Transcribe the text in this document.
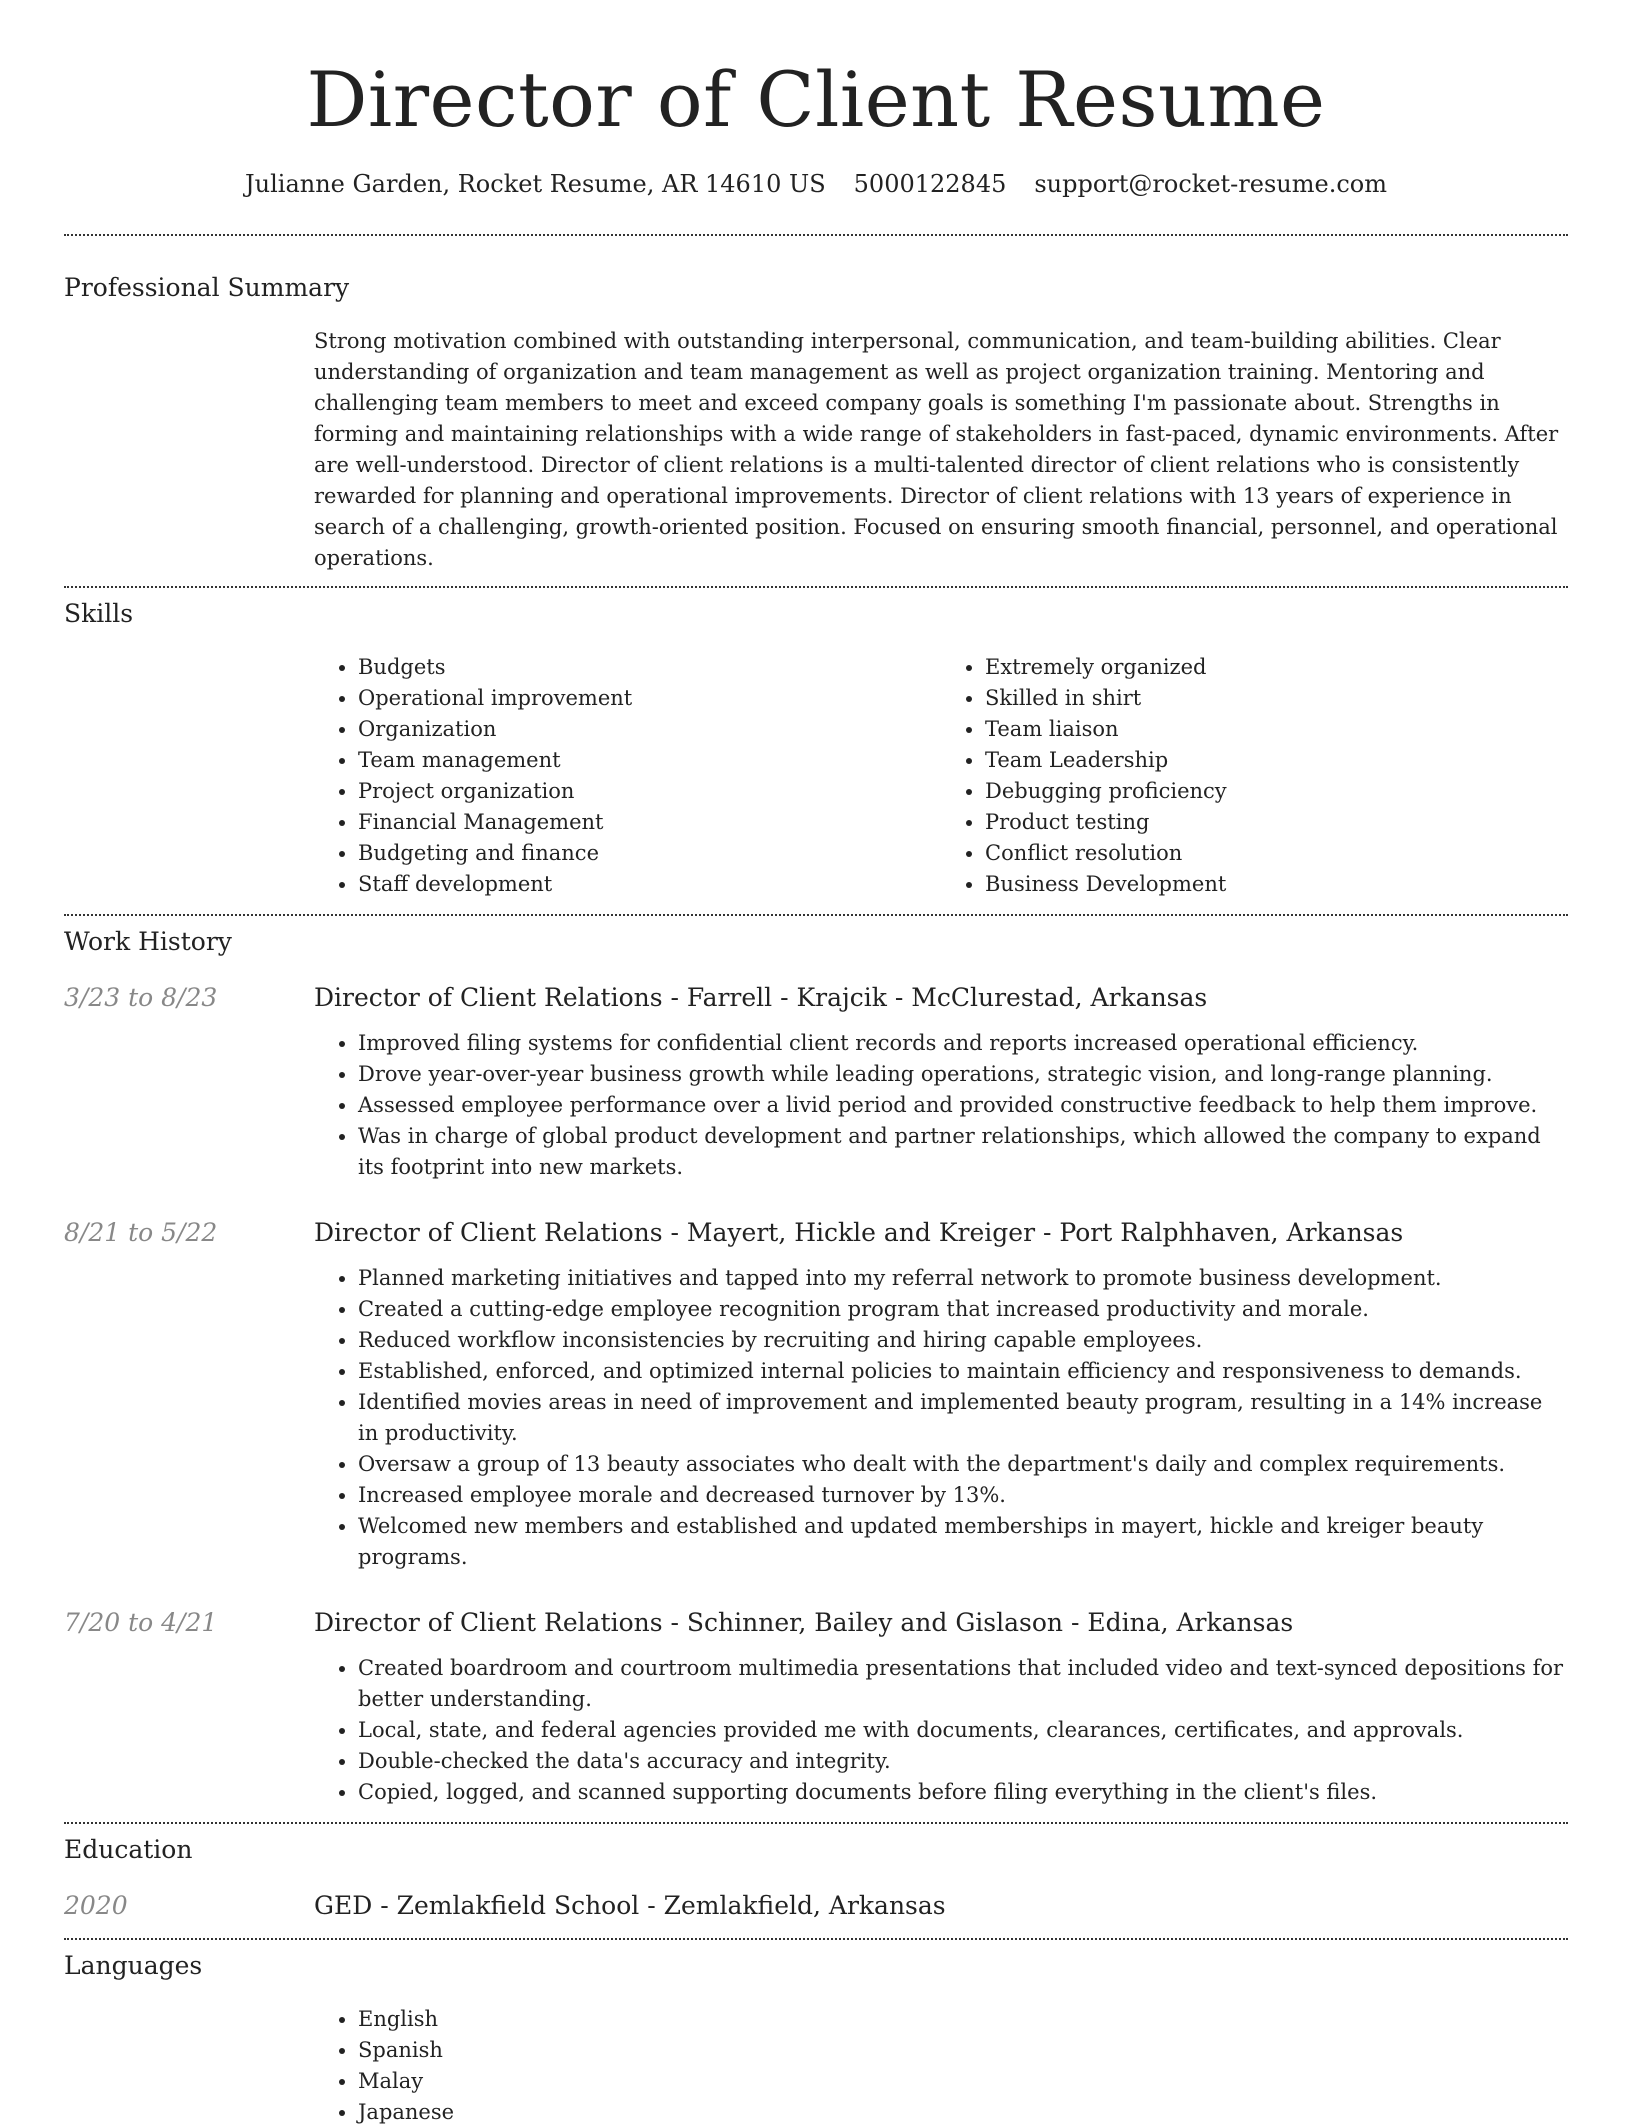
Director of Client Resume
Julianne Garden, Rocket Resume, AR 14610 US 5000122845 support@rocket-resume.com
Professional Summary

Strong motivation combined with outstanding interpersonal, communication, and team-building abilities. Clear understanding of organization and team management as well as project organization training. Mentoring and challenging team members to meet and exceed company goals is something I'm passionate about. Strengths in forming and maintaining relationships with a wide range of stakeholders in fast-paced, dynamic environments. After are well-understood. Director of client relations is a multi-talented director of client relations who is consistently rewarded for planning and operational improvements. Director of client relations with 13 years of experience in search of a challenging, growth-oriented position. Focused on ensuring smooth financial, personnel, and operational operations.

Skills
• Budgets
• Operational improvement
• Organization
• Team management
• Project organization
• Financial Management
• Budgeting and finance
• Staff development
• Extremely organized
• Skilled in shirt
• Team liaison
• Team Leadership
• Debugging proficiency
• Product testing
• Conflict resolution
• Business Development
Work History
3/23 to 8/23	Director of Client Relations - Farrell - Krajcik - McClurestad, Arkansas
• Improved filing systems for confidential client records and reports increased operational efficiency.
• Drove year-over-year business growth while leading operations, strategic vision, and long-range planning.
• Assessed employee performance over a livid period and provided constructive feedback to help them improve.
• Was in charge of global product development and partner relationships, which allowed the company to expand its footprint into new markets.
8/21 to 5/22	Director of Client Relations - Mayert, Hickle and Kreiger - Port Ralphhaven, Arkansas
• Planned marketing initiatives and tapped into my referral network to promote business development.
• Created a cutting-edge employee recognition program that increased productivity and morale.
• Reduced workflow inconsistencies by recruiting and hiring capable employees.
• Established, enforced, and optimized internal policies to maintain efficiency and responsiveness to demands.
• Identified movies areas in need of improvement and implemented beauty program, resulting in a 14% increase in productivity.
• Oversaw a group of 13 beauty associates who dealt with the department's daily and complex requirements.
• Increased employee morale and decreased turnover by 13%.
• Welcomed new members and established and updated memberships in mayert, hickle and kreiger beauty programs.
7/20 to 4/21	Director of Client Relations - Schinner, Bailey and Gislason - Edina, Arkansas
• Created boardroom and courtroom multimedia presentations that included video and text-synced depositions for better understanding.
• Local, state, and federal agencies provided me with documents, clearances, certificates, and approvals.
• Double-checked the data's accuracy and integrity.
• Copied, logged, and scanned supporting documents before filing everything in the client's files.
Education
2020	GED - Zemlakfield School - Zemlakfield, Arkansas
Languages
• English
• Spanish
• Malay
• Japanese
